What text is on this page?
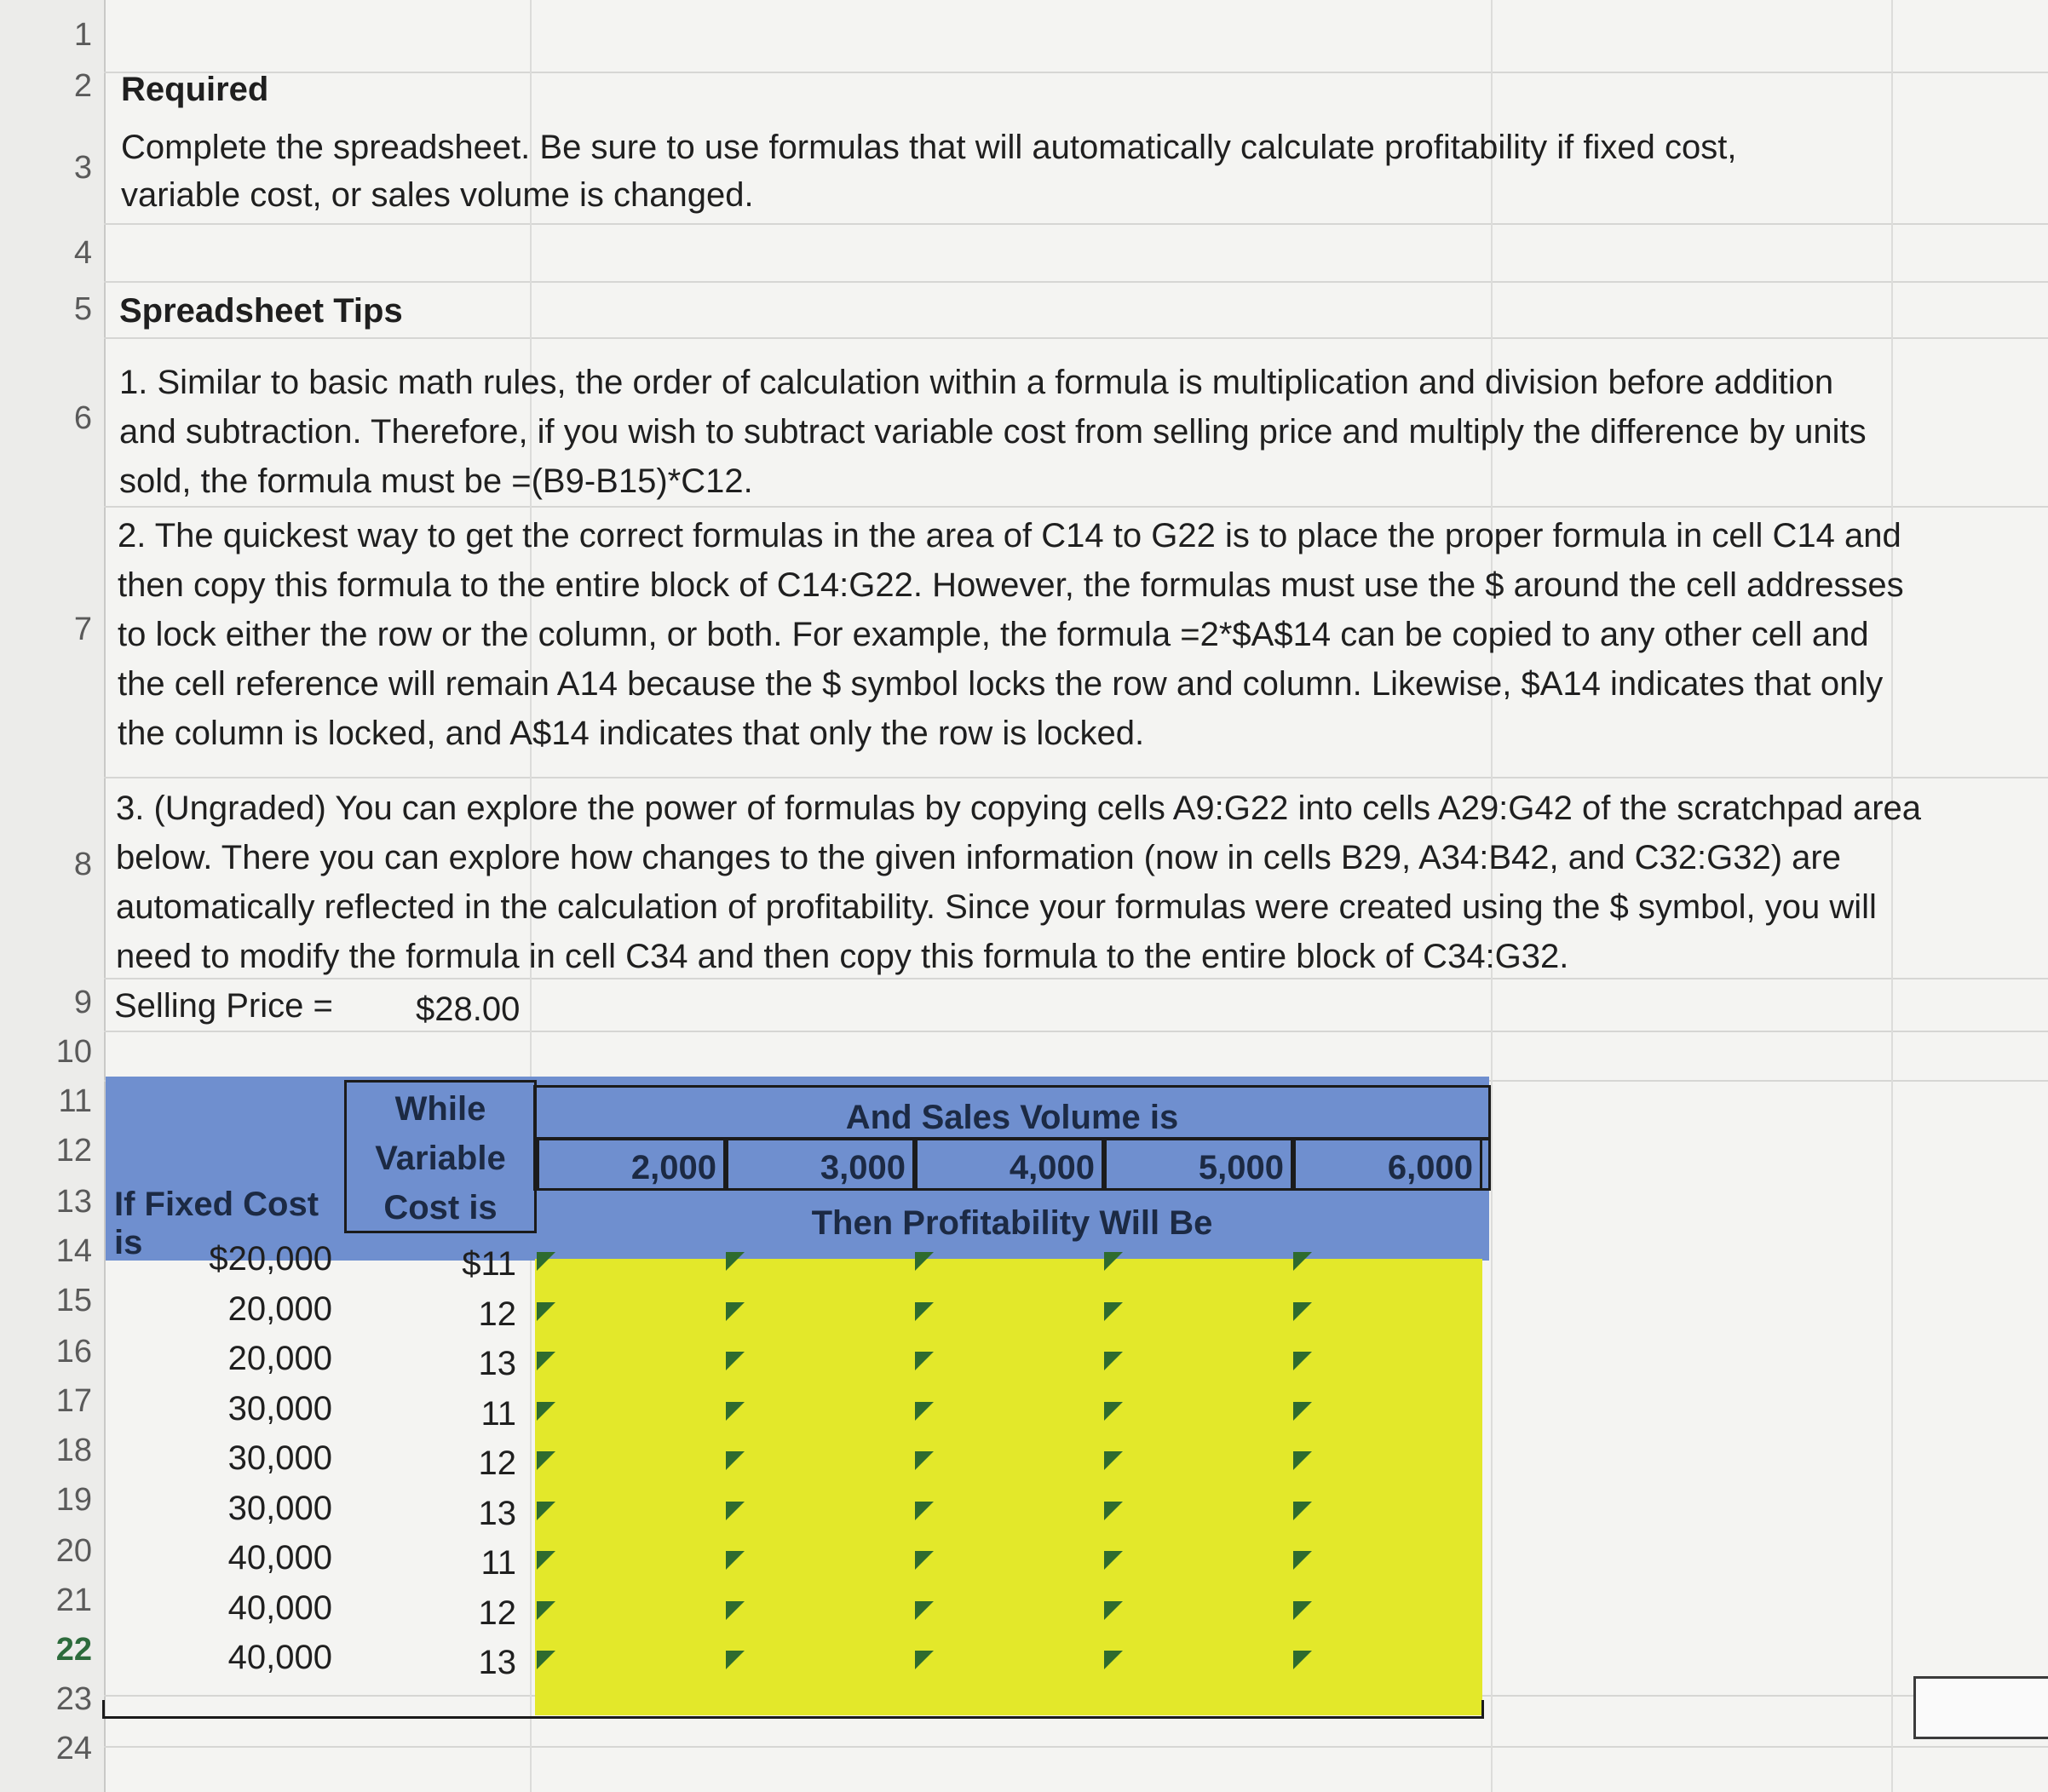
1
2
3
4
5
6
7
8
9
10
11
12
13
14
15
16
17
18
19
20
21
22
23
24
Required
Complete the spreadsheet. Be sure to use formulas that will automatically calculate profitability if fixed cost,
variable cost, or sales volume is changed.
Spreadsheet Tips
1. Similar to basic math rules, the order of calculation within a formula is multiplication and division before addition
and subtraction. Therefore, if you wish to subtract variable cost from selling price and multiply the difference by units
sold, the formula must be =(B9-B15)*C12.
2. The quickest way to get the correct formulas in the area of C14 to G22 is to place the proper formula in cell C14 and
then copy this formula to the entire block of C14:G22. However, the formulas must use the $ around the cell addresses
to lock either the row or the column, or both. For example, the formula =2*$A$14 can be copied to any other cell and
the cell reference will remain A14 because the $ symbol locks the row and column. Likewise, $A14 indicates that only
the column is locked, and A$14 indicates that only the row is locked.
3. (Ungraded) You can explore the power of formulas by copying cells A9:G22 into cells A29:G42 of the scratchpad area
below. There you can explore how changes to the given information (now in cells B29, A34:B42, and C32:G32) are
automatically reflected in the calculation of profitability. Since your formulas were created using the $ symbol, you will
need to modify the formula in cell C34 and then copy this formula to the entire block of C34:G32.
Selling Price = $28.00
If Fixed Cost is
While
Variable
Cost is
And Sales Volume is
Then Profitability Will Be
2,000	3,000	4,000	5,000	6,000
$20,000	$11
20,000	12
20,000	13
30,000	11
30,000	12
30,000	13
40,000	11
40,000	12
40,000	13
